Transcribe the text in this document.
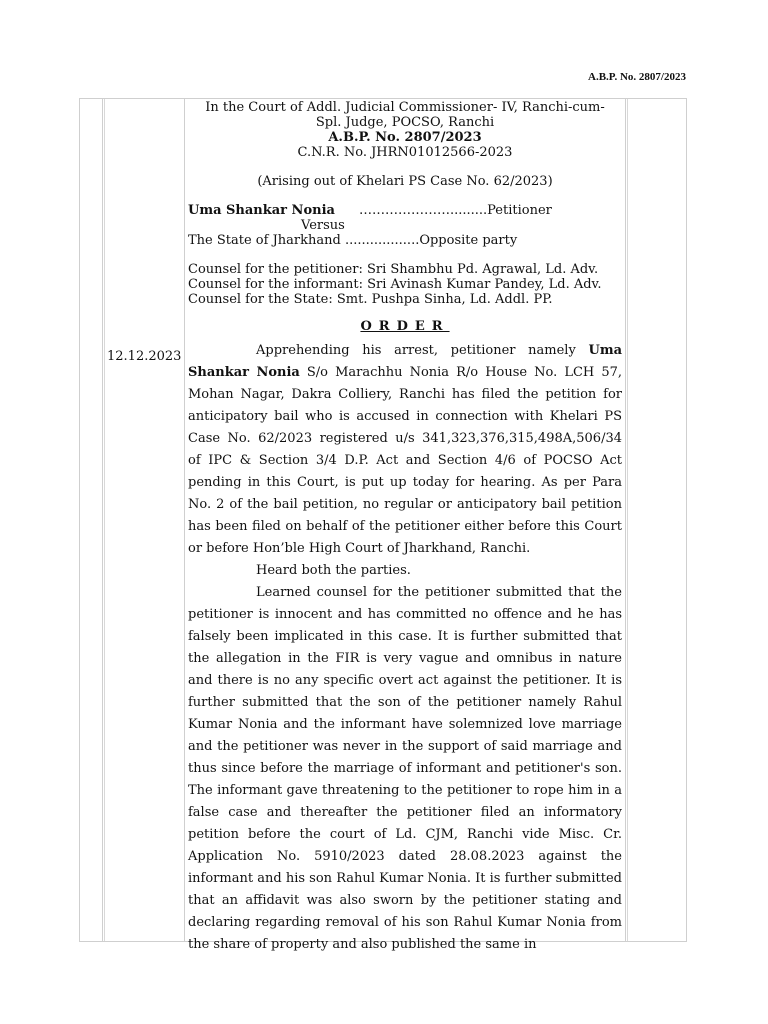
A.B.P. No. 2807/2023
12.12.2023
In the Court of Addl. Judicial Commissioner- IV, Ranchi-cum-
Spl. Judge, POCSO, Ranchi
A.B.P. No. 2807/2023
C.N.R. No. JHRN01012566-2023
(Arising out of Khelari PS Case No. 62/2023)
Uma Shankar Nonia ………………….........Petitioner
Versus
The State of Jharkhand ..................Opposite party
Counsel for the petitioner: Sri Shambhu Pd. Agrawal, Ld. Adv.
Counsel for the informant: Sri Avinash Kumar Pandey, Ld. Adv.
Counsel for the State: Smt. Pushpa Sinha, Ld. Addl. PP.
ORDER

Apprehending his arrest, petitioner namely Uma Shankar Nonia S/o Marachhu Nonia R/o House No. LCH 57, Mohan Nagar, Dakra Colliery, Ranchi has filed the petition for anticipatory bail who is accused in connection with Khelari PS Case No. 62/2023 registered u/s 341,323,376,315,498A,506/34 of IPC & Section 3/4 D.P. Act and Section 4/6 of POCSO Act pending in this Court, is put up today for hearing. As per Para No. 2 of the bail petition, no regular or anticipatory bail petition has been filed on behalf of the petitioner either before this Court or before Hon’ble High Court of Jharkhand, Ranchi.

Heard both the parties.

Learned counsel for the petitioner submitted that the petitioner is innocent and has committed no offence and he has falsely been implicated in this case. It is further submitted that the allegation in the FIR is very vague and omnibus in nature and there is no any specific overt act against the petitioner. It is further submitted that the son of the petitioner namely Rahul Kumar Nonia and the informant have solemnized love marriage and the petitioner was never in the support of said marriage and thus since before the marriage of informant and petitioner's son. The informant gave threatening to the petitioner to rope him in a false case and thereafter the petitioner filed an informatory petition before the court of Ld. CJM, Ranchi vide Misc. Cr. Application No. 5910/2023 dated 28.08.2023 against the informant and his son Rahul Kumar Nonia. It is further submitted that an affidavit was also sworn by the petitioner stating and declaring regarding removal of his son Rahul Kumar Nonia from the share of property and also published the same in
